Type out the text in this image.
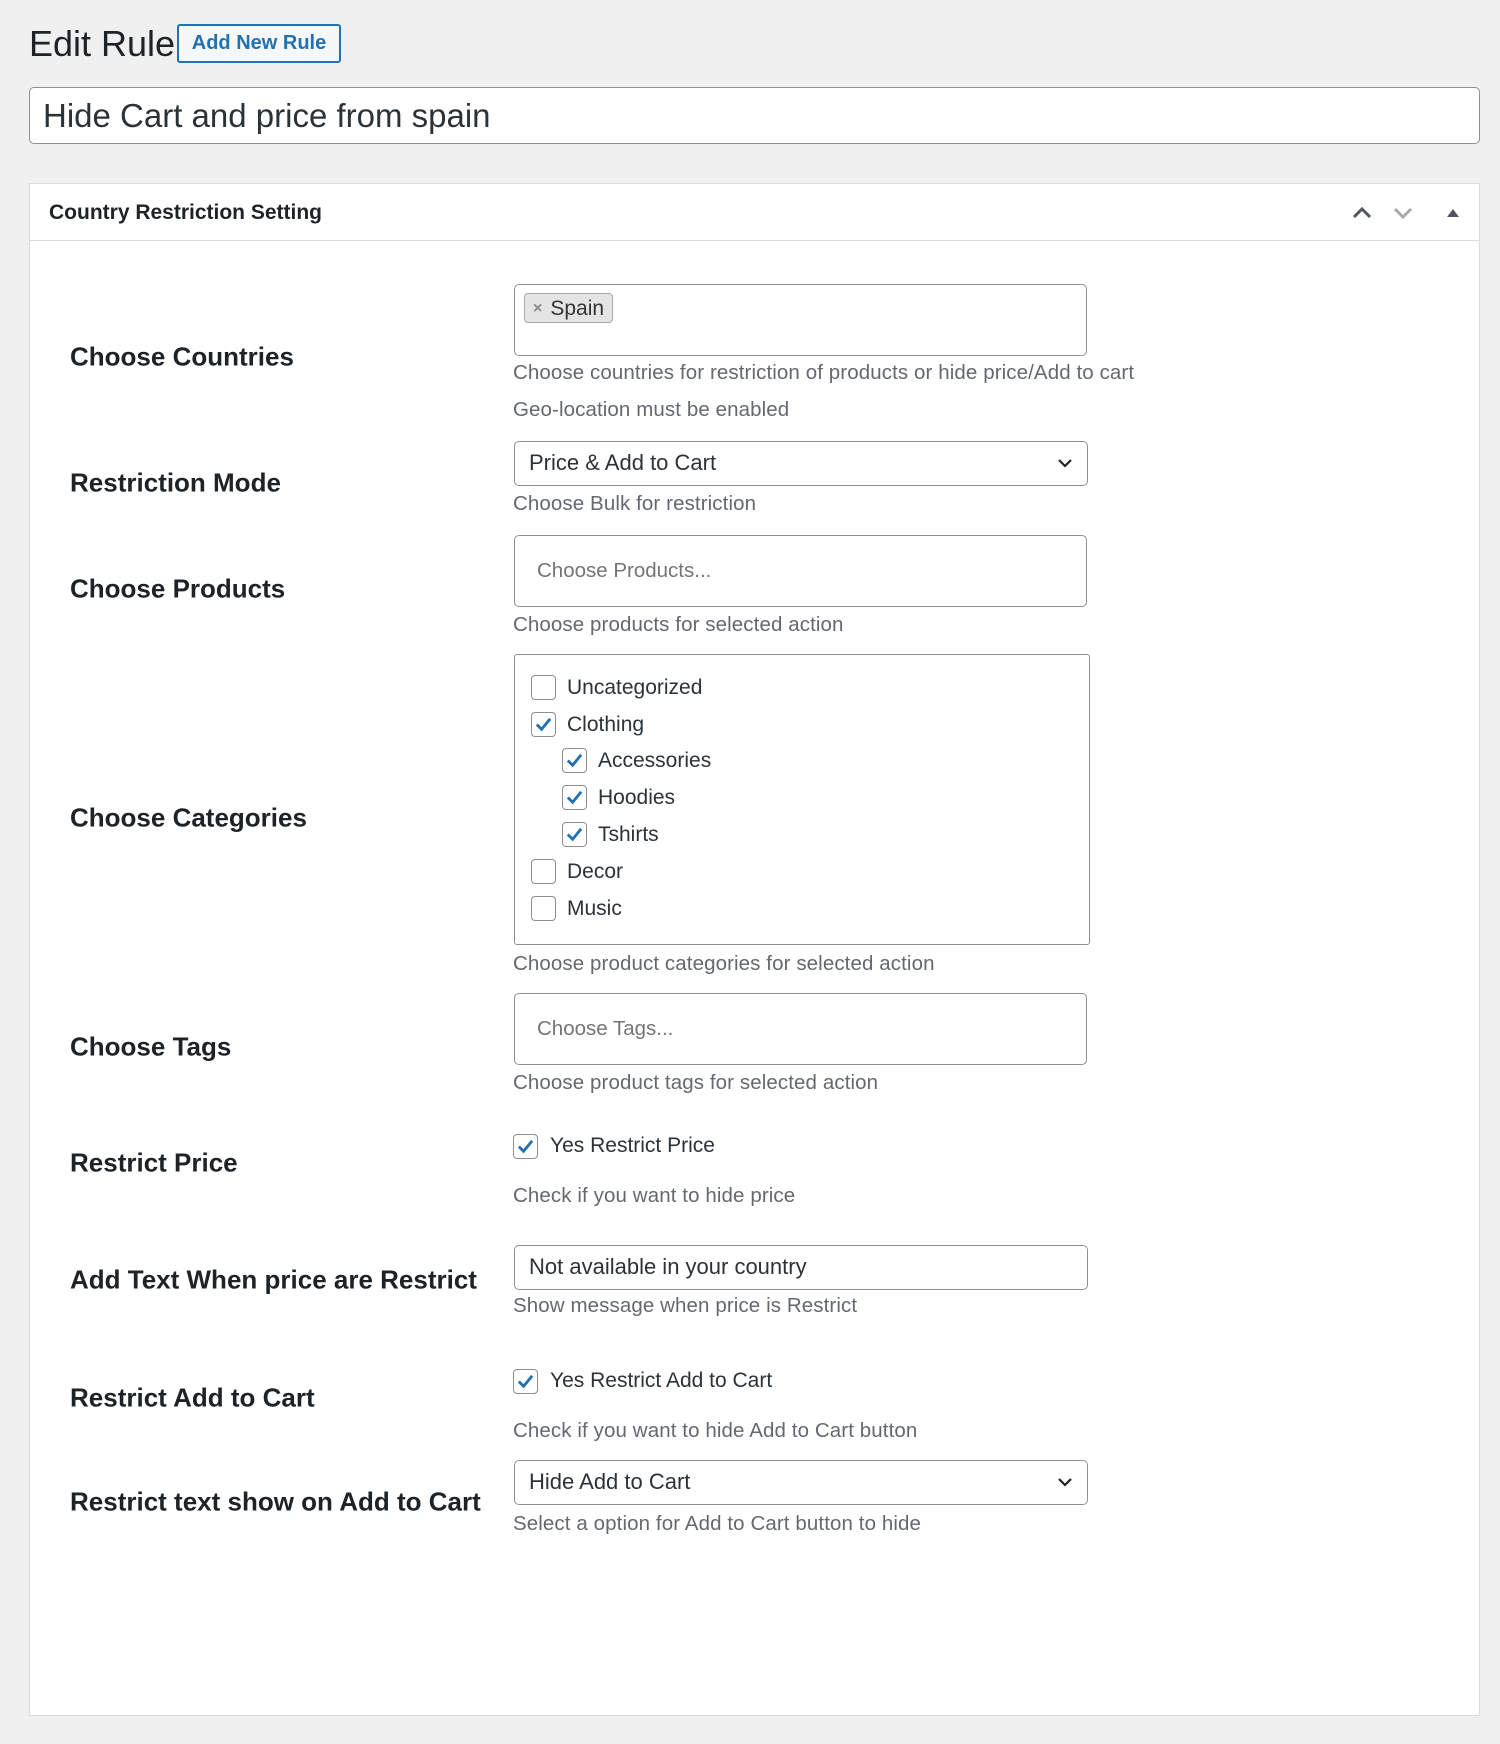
Edit Rule Add New Rule
Hide Cart and price from spain
Country Restriction Setting
Choose Countries
× Spain
Choose countries for restriction of products or hide price/Add to cart
Geo-location must be enabled
Restriction Mode
Price & Add to Cart
Choose Bulk for restriction
Choose Products
Choose Products...
Choose products for selected action
Choose Categories
Uncategorized
Clothing
Accessories
Hoodies
Tshirts
Decor
Music
Choose product categories for selected action
Choose Tags
Choose Tags...
Choose product tags for selected action
Restrict Price
Yes Restrict Price
Check if you want to hide price
Add Text When price are Restrict Not available in your country
Show message when price is Restrict
Restrict Add to Cart
Yes Restrict Add to Cart
Check if you want to hide Add to Cart button
Restrict text show on Add to Cart
Hide Add to Cart
Select a option for Add to Cart button to hide
